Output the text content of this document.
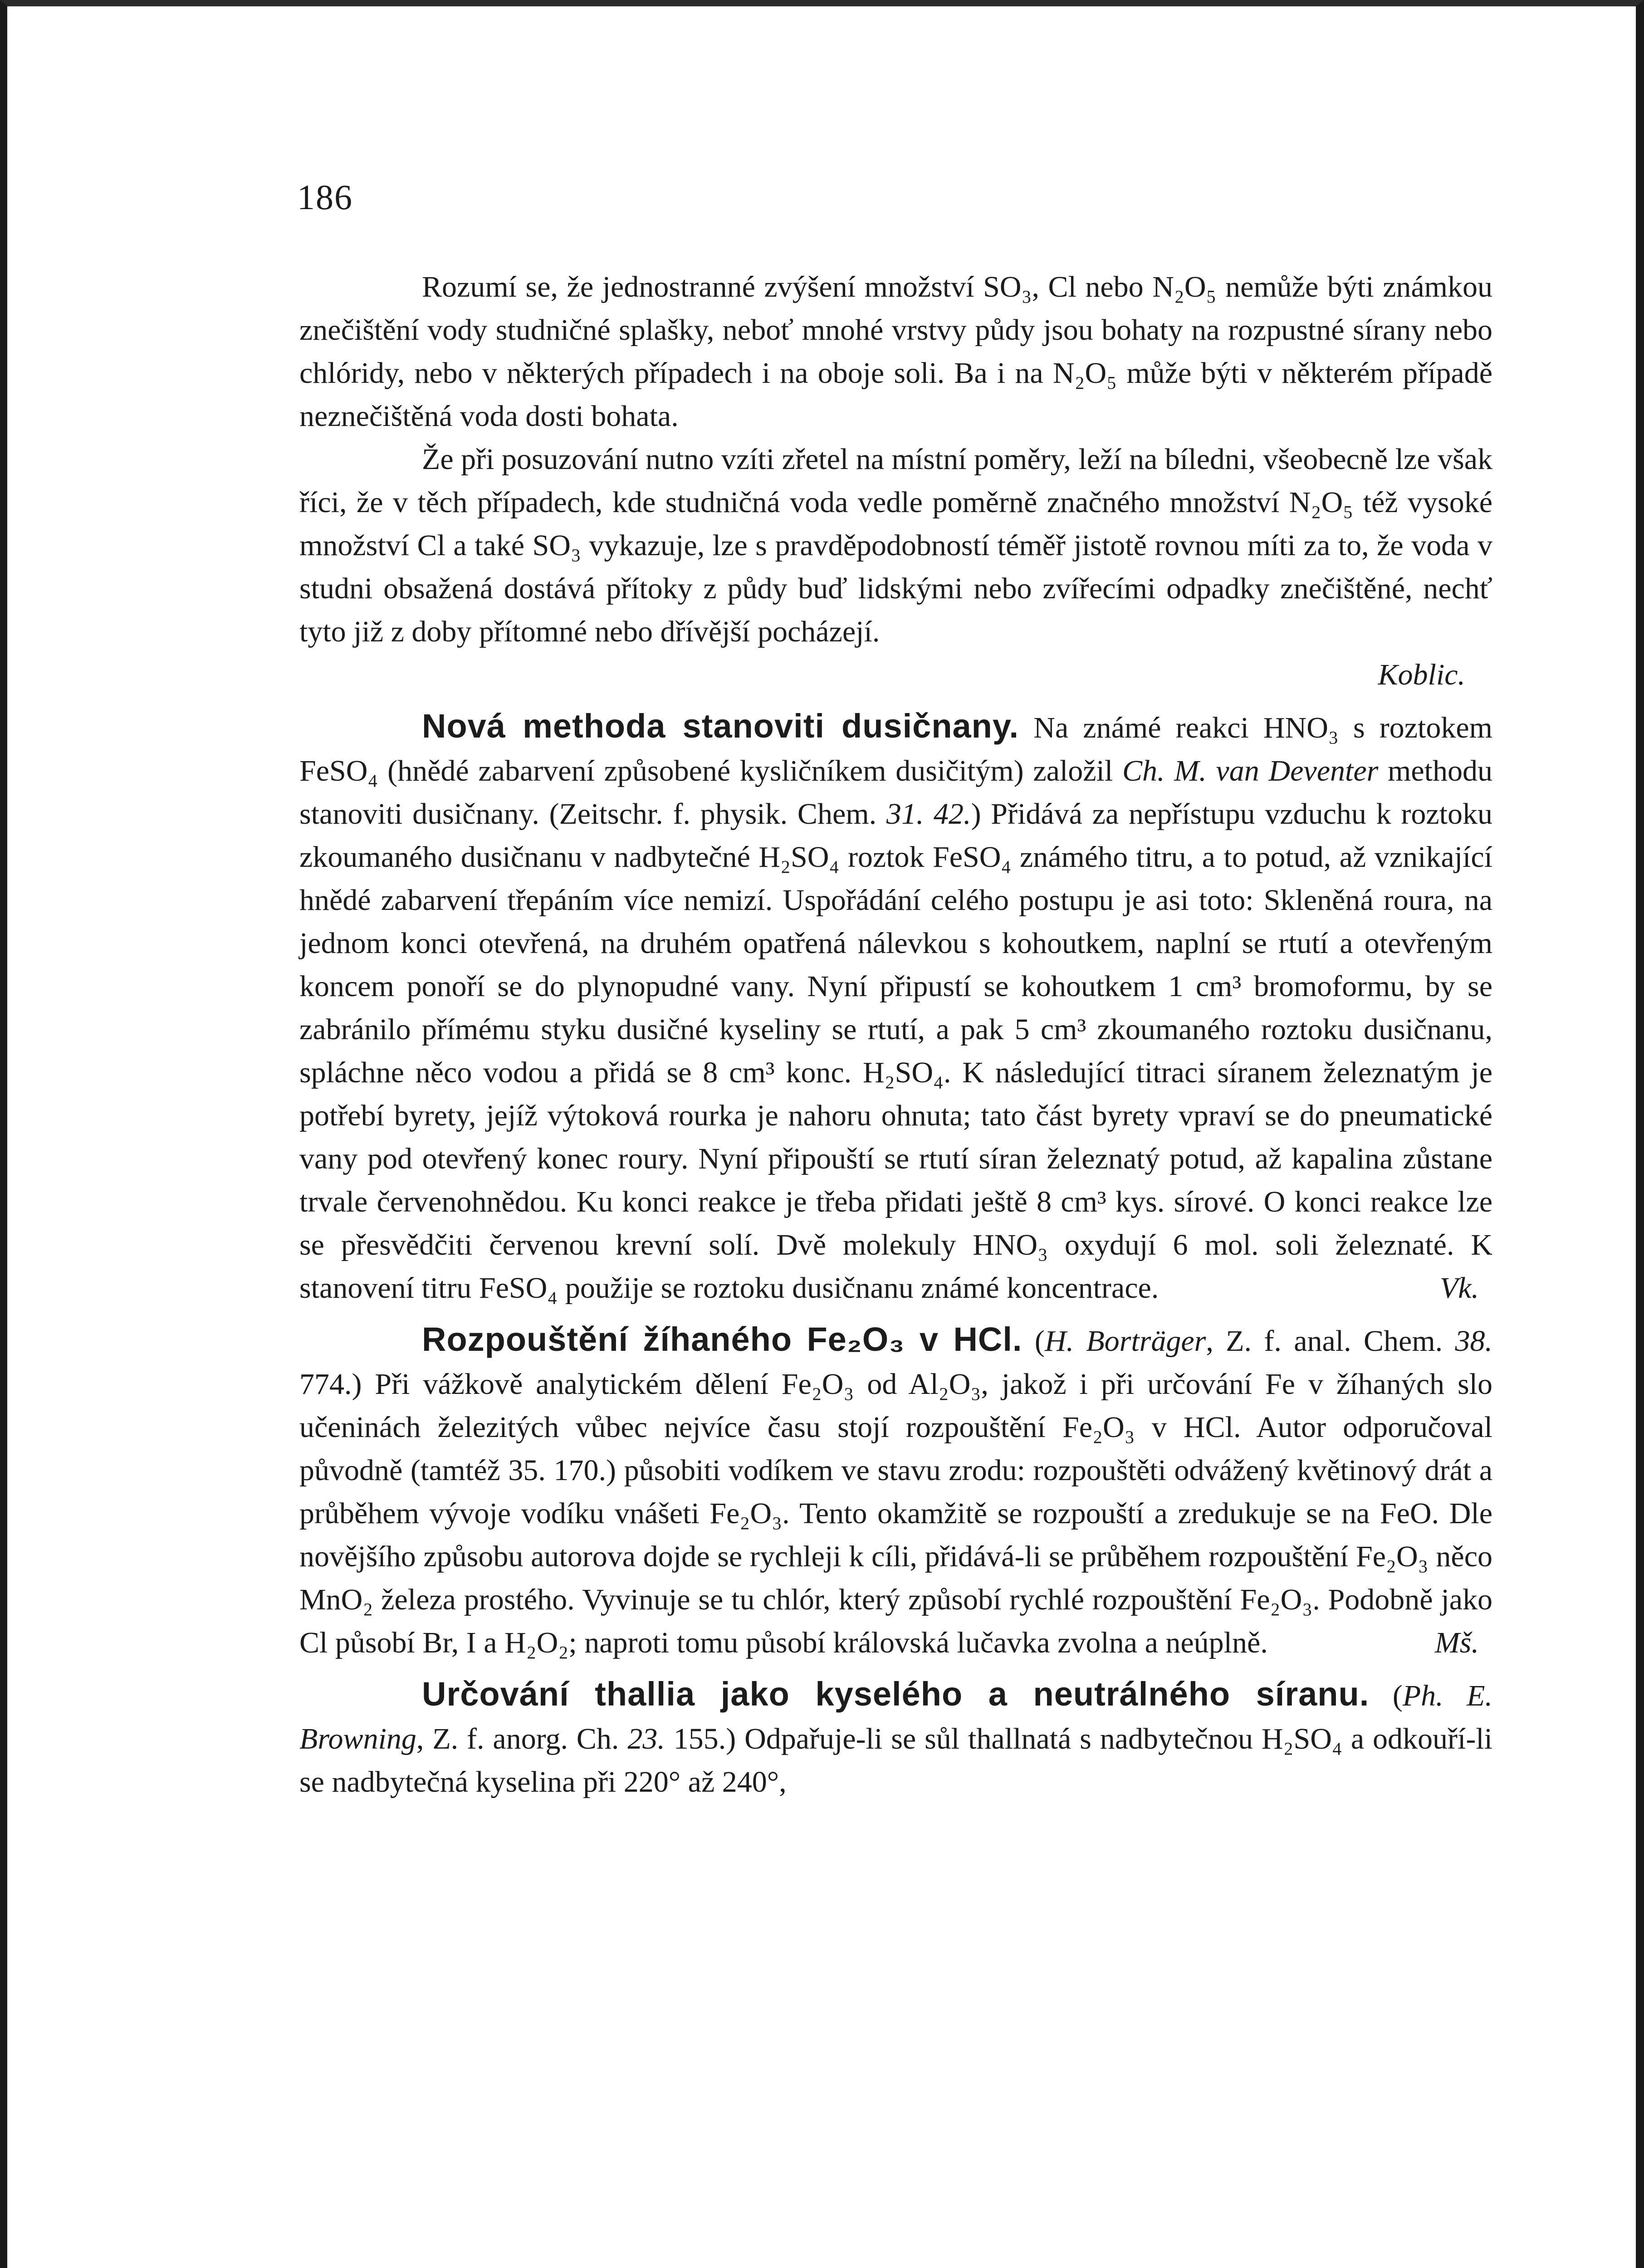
186

Rozumí se, že jednostranné zvýšení množství SO₃, Cl nebo N₂O₅ nemůže býti známkou znečištění vody studničné splašky, neboť mnohé vrstvy půdy jsou bohaty na rozpustné sírany nebo chlóridy, nebo v některých případech i na oboje soli. Ba i na N₂O₅ může býti v některém případě neznečištěná voda dosti bohata.

Že při posuzování nutno vzíti zřetel na místní poměry, leží na bíledni, všeobecně lze však říci, že v těch případech, kde studničná voda vedle poměrně značného množství N₂O₅ též vysoké množství Cl a také SO₃ vykazuje, lze s pravděpodobností téměř jistotě rovnou míti za to, že voda v studni obsažená dostává přítoky z půdy buď lidskými nebo zvířecími odpadky znečištěné, nechť tyto již z doby přítomné nebo dřívější pocházejí.

Koblic.

Nová methoda stanoviti dusičnany. Na známé reakci HNO₃ s roztokem FeSO₄ (hnědé zabarvení způsobené kysličníkem dusičitým) založil Ch. M. van Deventer methodu stanoviti dusičnany. (Zeitschr. f. physik. Chem. 31. 42.) Přidává za nepřístupu vzduchu k roztoku zkoumaného dusičnanu v nadbytečné H₂SO₄ roztok FeSO₄ známého titru, a to potud, až vznikající hnědé zabarvení třepáním více nemizí. Uspořádání celého postupu je asi toto: Skleněná roura, na jednom konci otevřená, na druhém opatřená nálevkou s kohoutkem, naplní se rtutí a otevřeným koncem ponoří se do plynopudné vany. Nyní připustí se kohoutkem 1 cm³ bromoformu, by se zabránilo přímému styku dusičné kyseliny se rtutí, a pak 5 cm³ zkoumaného roztoku dusičnanu, spláchne něco vodou a přidá se 8 cm³ konc. H₂SO₄. K následující titraci síranem železnatým je potřebí byrety, jejíž výtoková rourka je nahoru ohnuta; tato část byrety vpraví se do pneumatické vany pod otevřený konec roury. Nyní připouští se rtutí síran železnatý potud, až kapalina zůstane trvale červenohnědou. Ku konci reakce je třeba přidati ještě 8 cm³ kys. sírové. O konci reakce lze se přesvědčiti červenou krevní solí. Dvě molekuly HNO₃ oxydují 6 mol. soli železnaté. K stanovení titru FeSO₄ použije se roztoku dusičnanu známé koncentrace.	Vk.

Rozpouštění žíhaného Fe₂O₃ v HCl. (H. Borträger, Z. f. anal. Chem. 38. 774.) Při vážkově analytickém dělení Fe₂O₃ od Al₂O₃, jakož i při určování Fe v žíhaných slo učeninách železitých vůbec nejvíce času stojí rozpouštění Fe₂O₃ v HCl. Autor odporučoval původně (tamtéž 35. 170.) působiti vodíkem ve stavu zrodu: rozpouštěti odvážený květinový drát a průběhem vývoje vodíku vnášeti Fe₂O₃. Tento okamžitě se rozpouští a zredukuje se na FeO. Dle novějšího způsobu autorova dojde se rychleji k cíli, přidává-li se průběhem rozpouštění Fe₂O₃ něco MnO₂ železa prostého. Vyvinuje se tu chlór, který způsobí rychlé rozpouštění Fe₂O₃. Podobně jako Cl působí Br, I a H₂O₂; naproti tomu působí královská lučavka zvolna a neúplně.	Mš.

Určování thallia jako kyselého a neutrálného síranu. (Ph. E. Browning, Z. f. anorg. Ch. 23. 155.) Odpařuje-li se sůl thallnatá s nadbytečnou H₂SO₄ a odkouří-li se nadbytečná kyselina při 220° až 240°,
